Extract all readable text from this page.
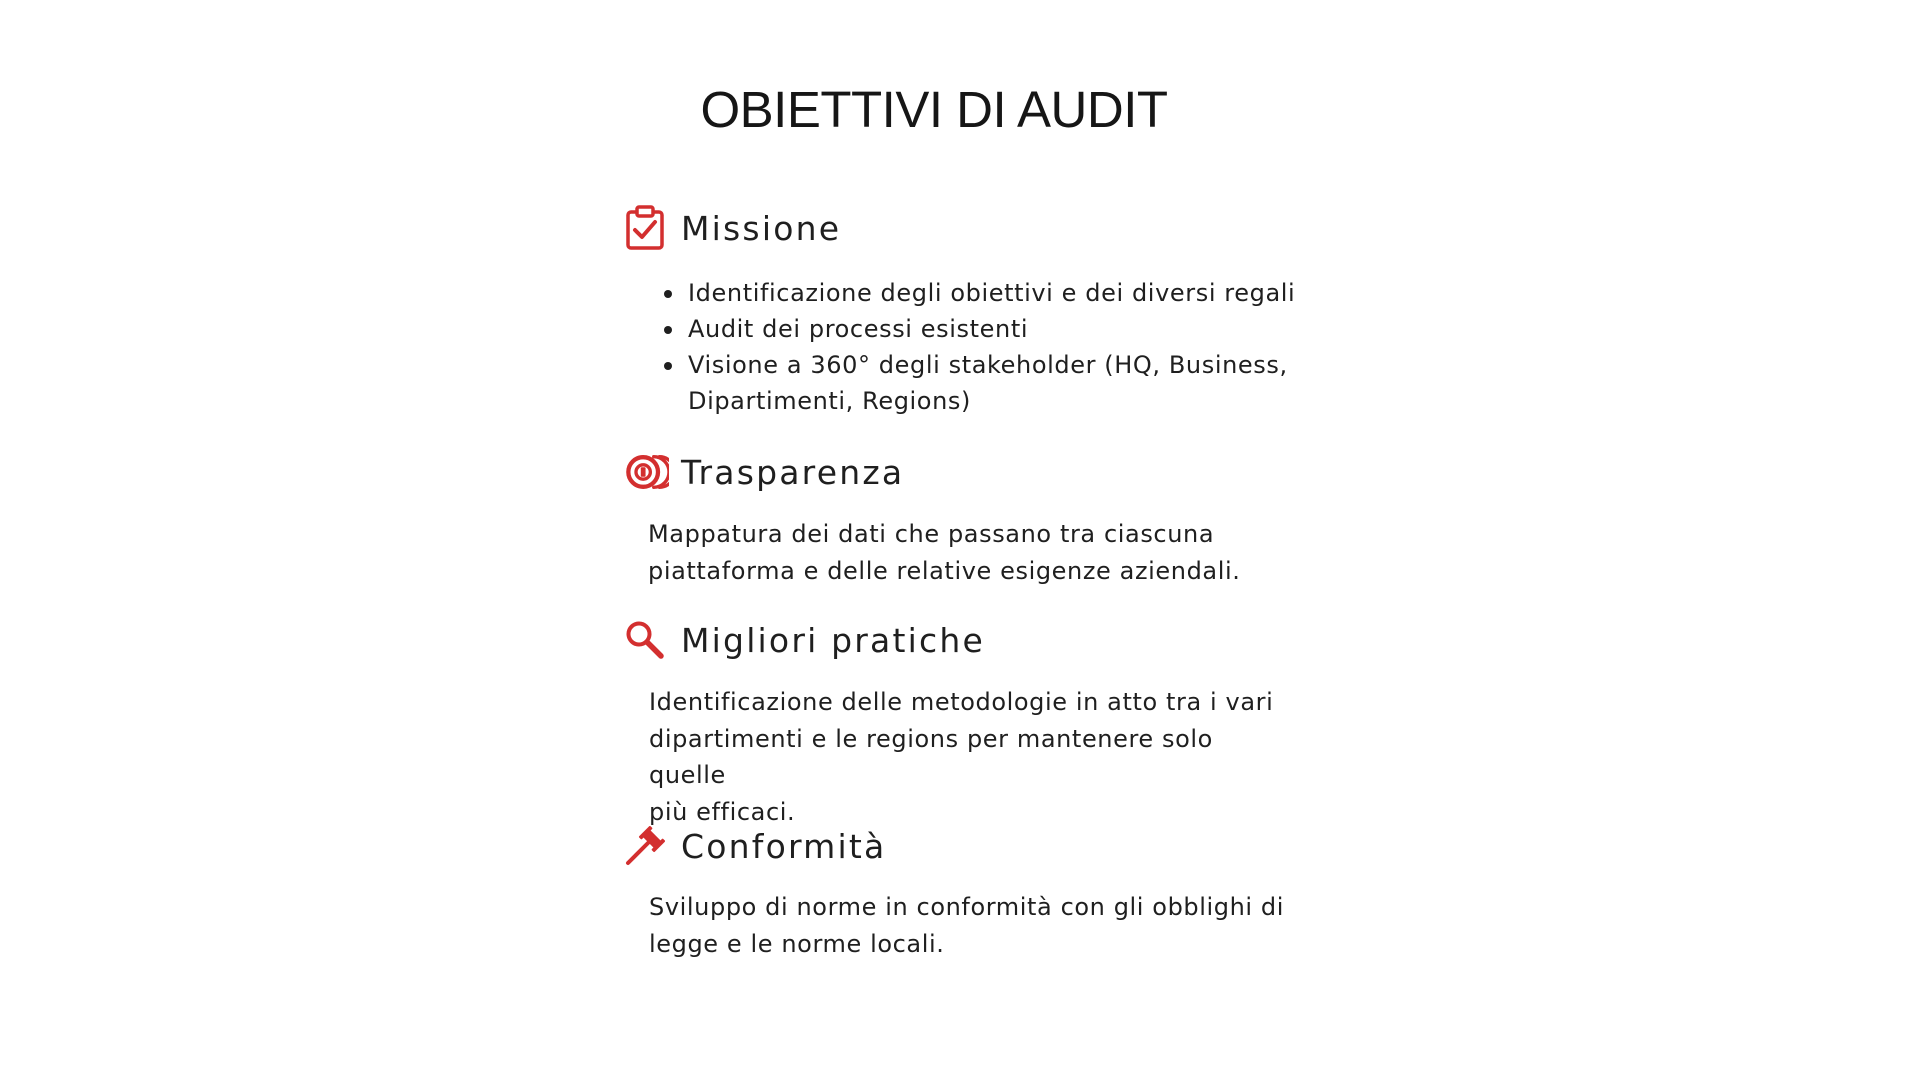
OBIETTIVI DI AUDIT
Missione
Identificazione degli obiettivi e dei diversi regali
Audit dei processi esistenti
Visione a 360° degli stakeholder (HQ, Business,
Dipartimenti, Regions)
Trasparenza

Mappatura dei dati che passano tra ciascuna
piattaforma e delle relative esigenze aziendali.

Migliori pratiche

Identificazione delle metodologie in atto tra i vari
dipartimenti e le regions per mantenere solo quelle
più efficaci.

Conformità

Sviluppo di norme in conformità con gli obblighi di
legge e le norme locali.
